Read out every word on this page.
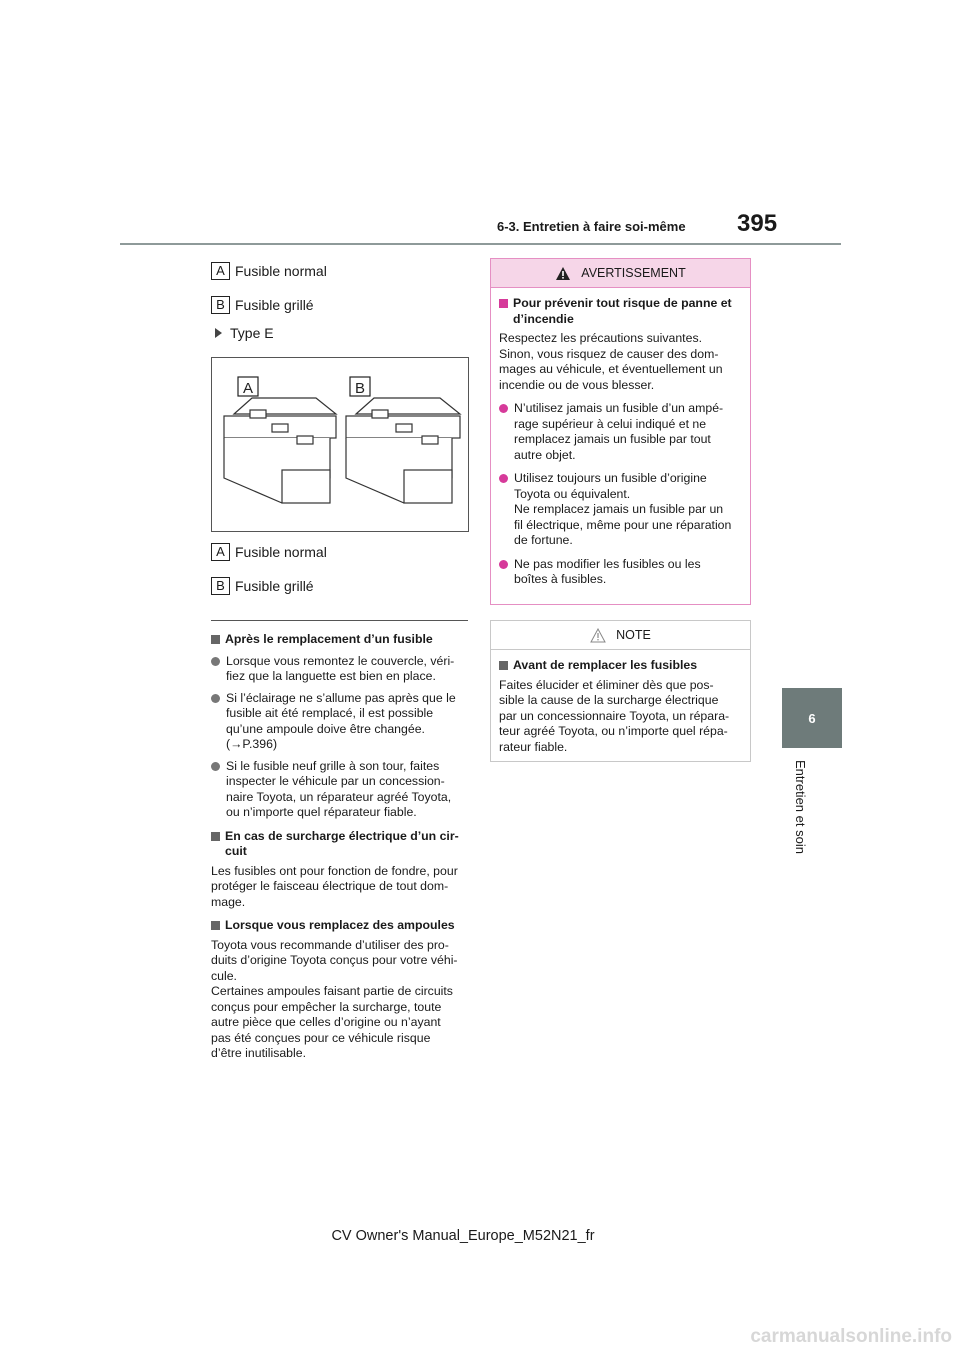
6-3. Entretien à faire soi-même 395
6
Entretien et soin
A Fusible normal
B Fusible grillé
Type E
A	B
A Fusible normal
B Fusible grillé
Après le remplacement d’un fusible
Lorsque vous remontez le couvercle, véri-
fiez que la languette est bien en place.
Si l’éclairage ne s’allume pas après que le
fusible ait été remplacé, il est possible
qu’une ampoule doive être changée.
(→P.396)
Si le fusible neuf grille à son tour, faites
inspecter le véhicule par un concession-
naire Toyota, un réparateur agréé Toyota,
ou n’importe quel réparateur fiable.
En cas de surcharge électrique d’un cir-
cuit
Les fusibles ont pour fonction de fondre, pour
protéger le faisceau électrique de tout dom-
mage.
Lorsque vous remplacez des ampoules
Toyota vous recommande d’utiliser des pro-
duits d’origine Toyota conçus pour votre véhi-
cule.
Certaines ampoules faisant partie de circuits
conçus pour empêcher la surcharge, toute
autre pièce que celles d’origine ou n’ayant
pas été conçues pour ce véhicule risque
d’être inutilisable.
AVERTISSEMENT
Pour prévenir tout risque de panne et
d’incendie
Respectez les précautions suivantes.
Sinon, vous risquez de causer des dom-
mages au véhicule, et éventuellement un
incendie ou de vous blesser.
N’utilisez jamais un fusible d’un ampé-
rage supérieur à celui indiqué et ne
remplacez jamais un fusible par tout
autre objet.
Utilisez toujours un fusible d’origine
Toyota ou équivalent.
Ne remplacez jamais un fusible par un
fil électrique, même pour une réparation
de fortune.
Ne pas modifier les fusibles ou les
boîtes à fusibles.
NOTE
Avant de remplacer les fusibles
Faites élucider et éliminer dès que pos-
sible la cause de la surcharge électrique
par un concessionnaire Toyota, un répara-
teur agréé Toyota, ou n’importe quel répa-
rateur fiable.
CV Owner's Manual_Europe_M52N21_fr
carmanualsonline.info
